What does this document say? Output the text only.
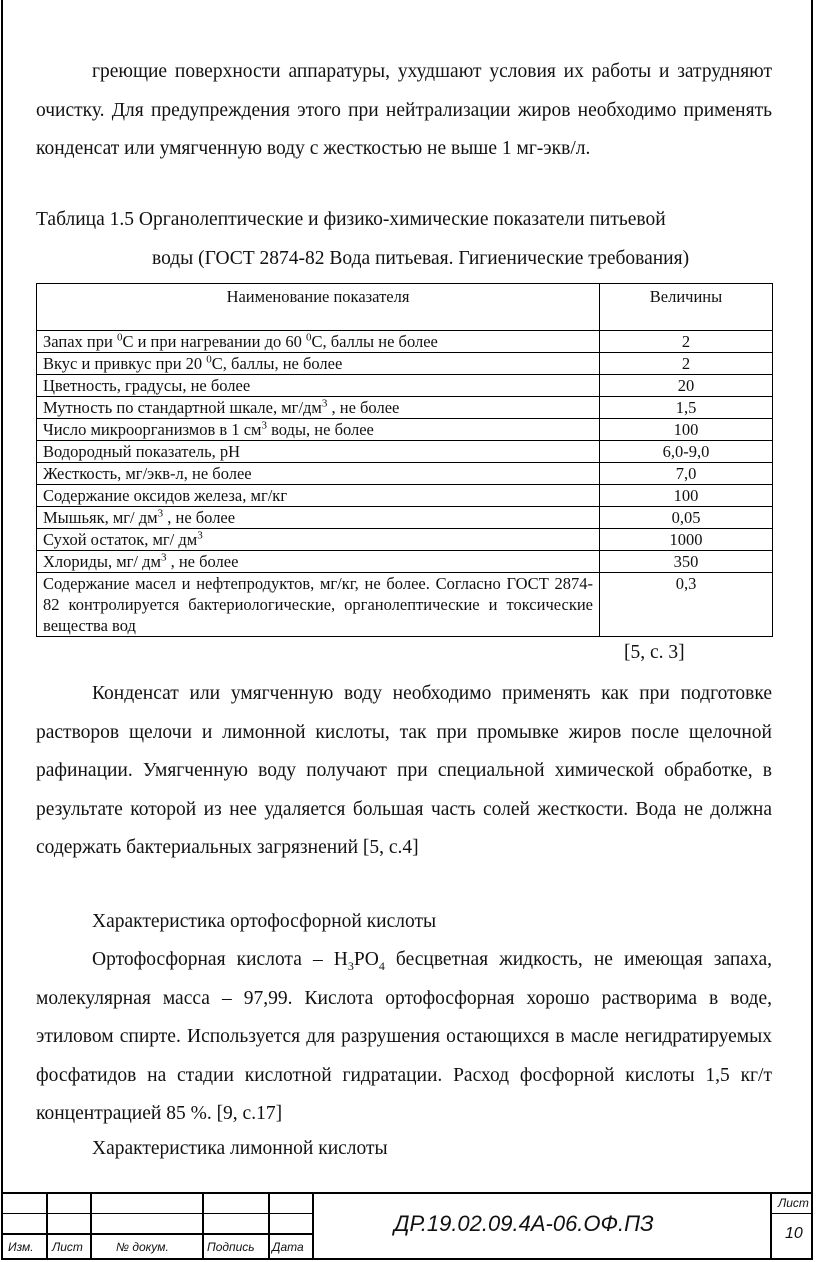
греющие поверхности аппаратуры, ухудшают условия их работы и затрудняют очистку. Для предупреждения этого при нейтрализации жиров необходимо применять конденсат или умягченную воду с жесткостью не выше 1 мг-экв/л.

Таблица 1.5 Органолептические и физико-химические показатели питьевой

воды (ГОСТ 2874-82 Вода питьевая. Гигиенические требования)

Наименование показателя	Величины
Запах при $^0$С и при нагревании до 60 $^0$С, баллы не более	2
Вкус и привкус при 20 $^0$С, баллы, не более	2
Цветность, градусы, не более	20
Мутность по стандартной шкале, $мг/дм^3$ , не более	1,5
Число микроорганизмов в 1 $см^3$ воды, не более	100
Водородный показатель, рН	6,0-9,0
Жесткость, мг/экв-л, не более	7,0
Содержание оксидов железа, мг/кг	100
Мышьяк, мг/ $дм^3$ , не более	0,05
Сухой остаток, мг/ $дм^3$	1000
Хлориды, мг/ $дм^3$ , не более	350
Содержание масел и нефтепродуктов, мг/кг, не более. Согласно ГОСТ 2874-82 контролируется бактериологические, органолептические и токсические вещества вод	0,3
[5, с. 3]

Конденсат или умягченную воду необходимо применять как при подготовке растворов щелочи и лимонной кислоты, так при промывке жиров после щелочной рафинации. Умягченную воду получают при специальной химической обработке, в результате которой из нее удаляется большая часть солей жесткости. Вода не должна содержать бактериальных загрязнений [5, с.4]

Характеристика ортофосфорной кислоты

Ортофосфорная кислота – $H_3PO_4$ бесцветная жидкость, не имеющая запаха, молекулярная масса – 97,99. Кислота ортофосфорная хорошо растворима в воде, этиловом спирте. Используется для разрушения остающихся в масле негидратируемых фосфатидов на стадии кислотной гидратации. Расход фосфорной кислоты 1,5 кг/т концентрацией 85 %. [9, с.17]

Характеристика лимонной кислоты

Изм. Лист	№ докум.	Подпись Дата
ДР.19.02.09.4А-06.ОФ.ПЗ
Лист
10
